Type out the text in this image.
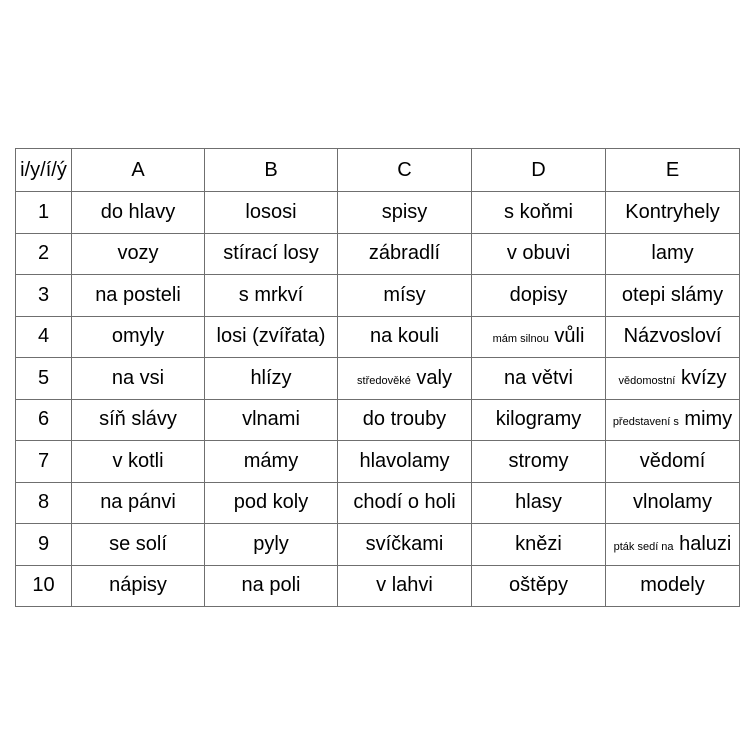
i/y/í/ý	A	B	C	D	E
1	do hlavy	lososi	spisy	s koňmi	Kontryhely
2	vozy	stírací losy	zábradlí	v obuvi	lamy
3	na posteli	s mrkví	mísy	dopisy	otepi slámy
4	omyly	losi (zvířata)	na kouli	mám silnou vůli	Názvosloví
5	na vsi	hlízy	středověké valy	na větvi	vědomostní kvízy
6	síň slávy	vlnami	do trouby	kilogramy	představení s mimy
7	v kotli	mámy	hlavolamy	stromy	vědomí
8	na pánvi	pod koly	chodí o holi	hlasy	vlnolamy
9	se solí	pyly	svíčkami	knězi	pták sedí na haluzi
10	nápisy	na poli	v lahvi	oštěpy	modely
